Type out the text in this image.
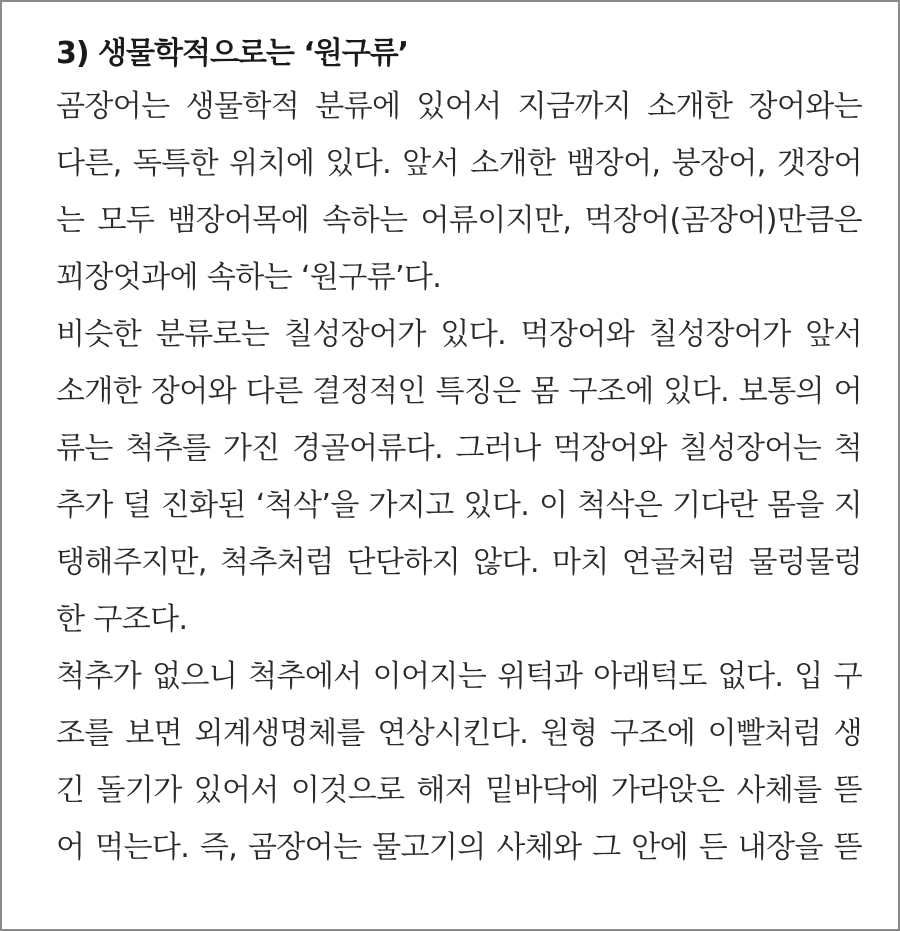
3) 생물학적으로는 ‘원구류’
곰장어는 생물학적 분류에 있어서 지금까지 소개한 장어와는
다른, 독특한 위치에 있다. 앞서 소개한 뱀장어, 붕장어, 갯장어
는 모두 뱀장어목에 속하는 어류이지만, 먹장어(곰장어)만큼은
꾀장엇과에 속하는 ‘원구류’다.
비슷한 분류로는 칠성장어가 있다. 먹장어와 칠성장어가 앞서
소개한 장어와 다른 결정적인 특징은 몸 구조에 있다. 보통의 어
류는 척추를 가진 경골어류다. 그러나 먹장어와 칠성장어는 척
추가 덜 진화된 ‘척삭’을 가지고 있다. 이 척삭은 기다란 몸을 지
탱해주지만, 척추처럼 단단하지 않다. 마치 연골처럼 물렁물렁
한 구조다.
척추가 없으니 척추에서 이어지는 위턱과 아래턱도 없다. 입 구
조를 보면 외계생명체를 연상시킨다. 원형 구조에 이빨처럼 생
긴 돌기가 있어서 이것으로 해저 밑바닥에 가라앉은 사체를 뜯
어 먹는다. 즉, 곰장어는 물고기의 사체와 그 안에 든 내장을 뜯
